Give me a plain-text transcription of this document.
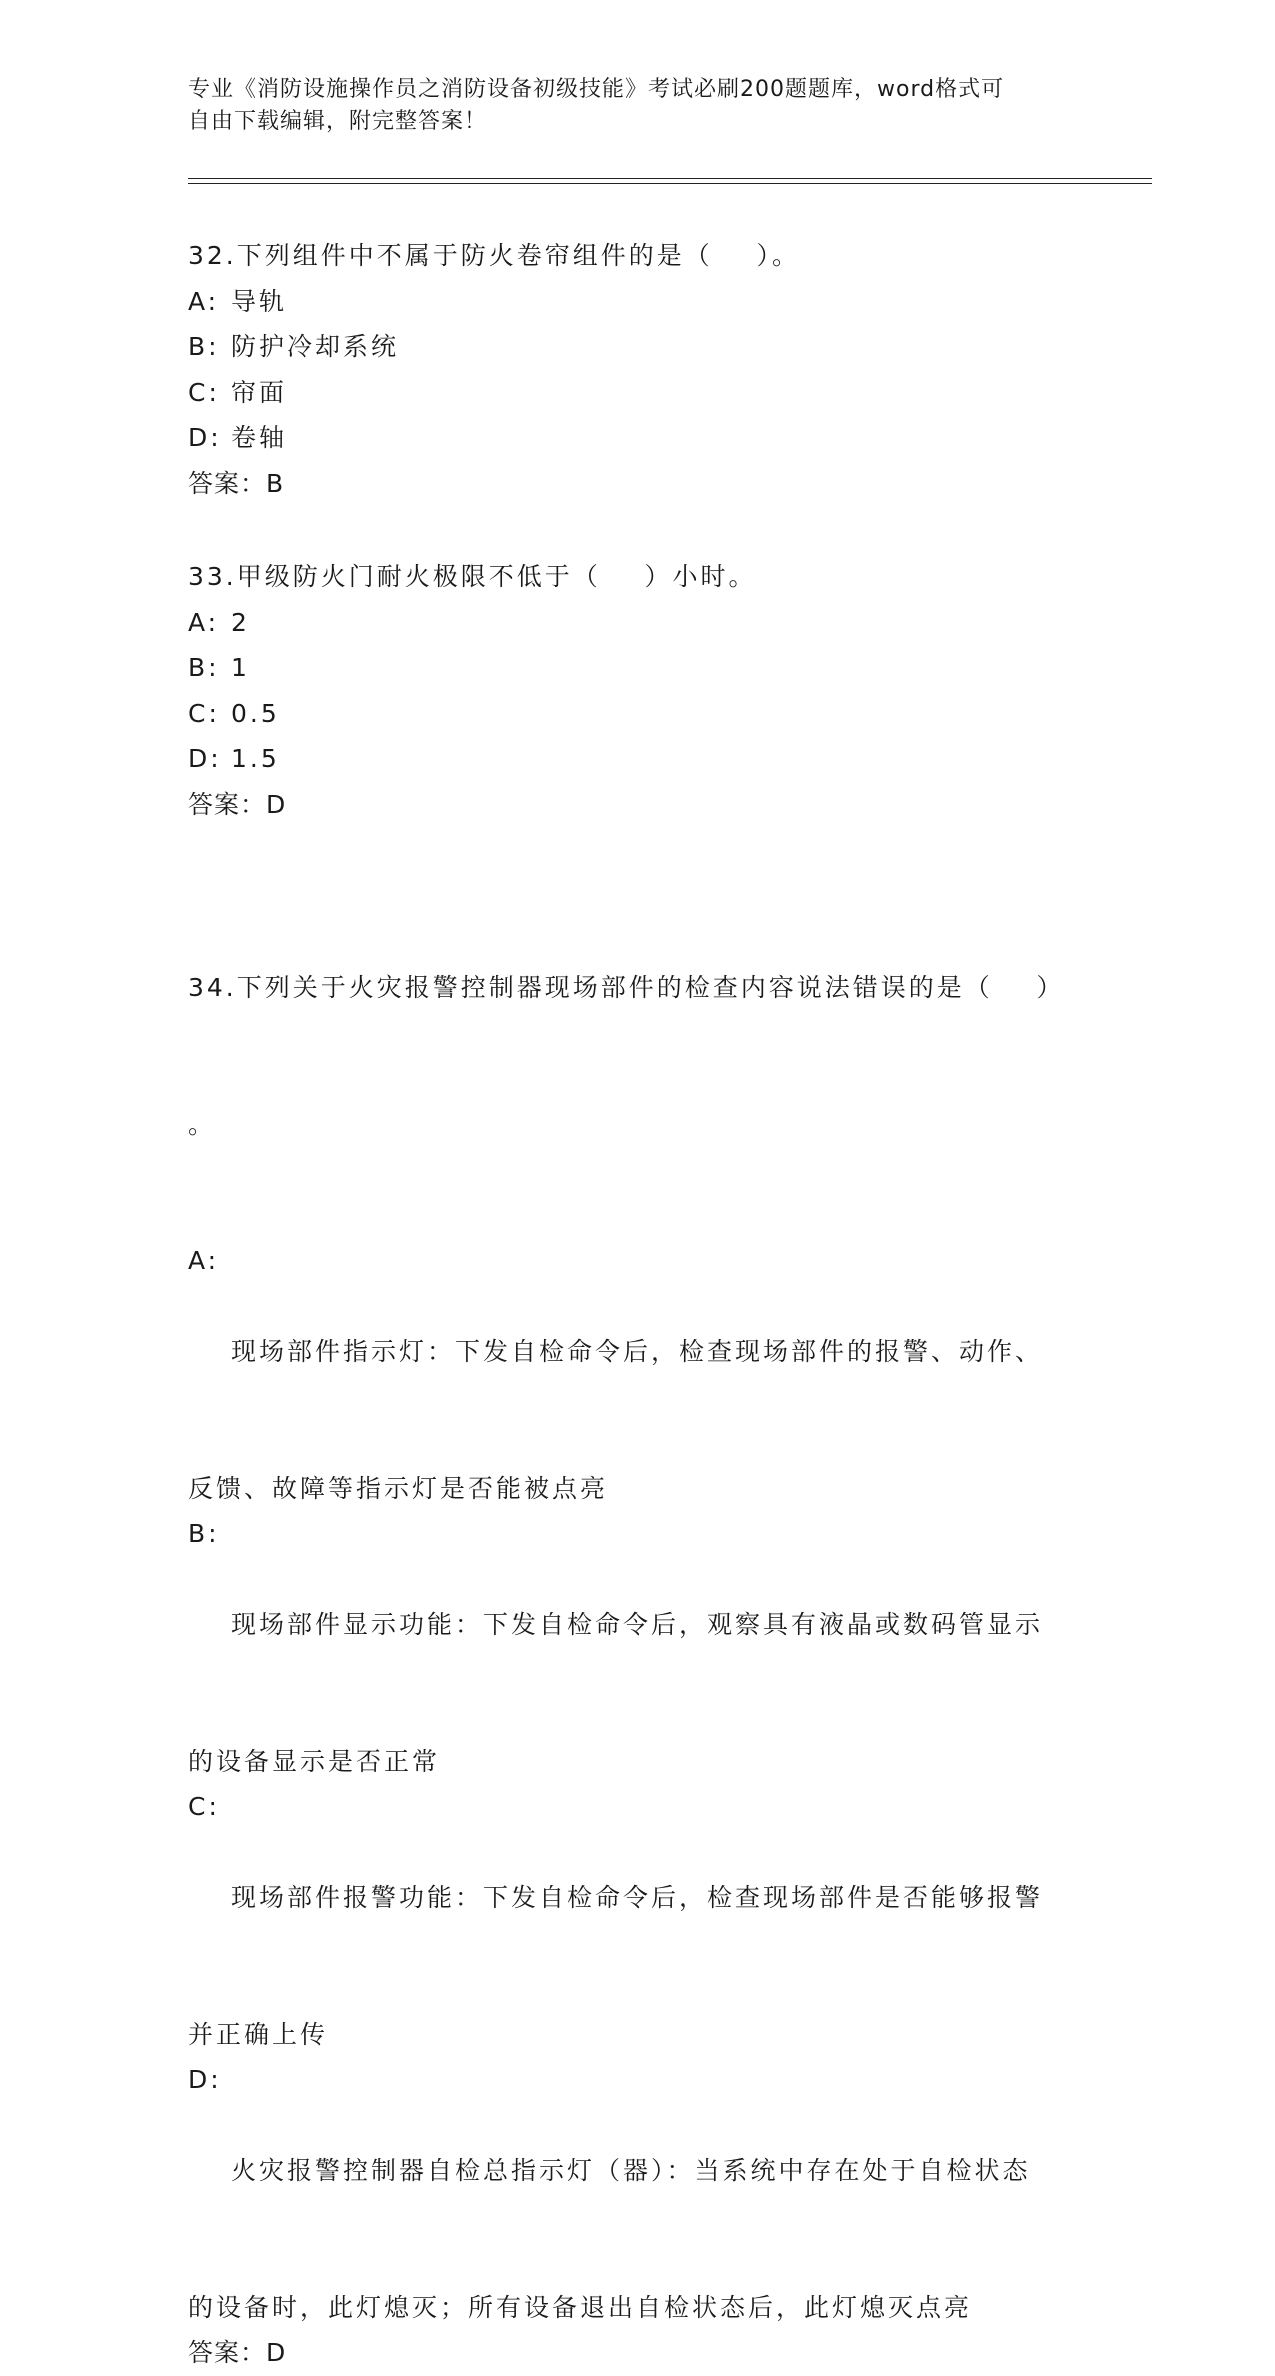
专业《消防设施操作员之消防设备初级技能》考试必刷200题题库，word格式可
自由下载编辑，附完整答案！
32.下列组件中不属于防火卷帘组件的是（    ）。
A: 导轨
B: 防护冷却系统
C: 帘面
D: 卷轴
答案：B
33.甲级防火门耐火极限不低于（    ）小时。
A: 2
B: 1
C: 0.5
D: 1.5
答案：D

34.下列关于火灾报警控制器现场部件的检查内容说法错误的是（    ）

。

A:

现场部件指示灯：下发自检命令后，检查现场部件的报警、动作、

反馈、故障等指示灯是否能被点亮
B:

现场部件显示功能：下发自检命令后，观察具有液晶或数码管显示

的设备显示是否正常
C:

现场部件报警功能：下发自检命令后，检查现场部件是否能够报警

并正确上传
D:

火灾报警控制器自检总指示灯（器）：当系统中存在处于自检状态

的设备时，此灯熄灭；所有设备退出自检状态后，此灯熄灭点亮
答案：D
